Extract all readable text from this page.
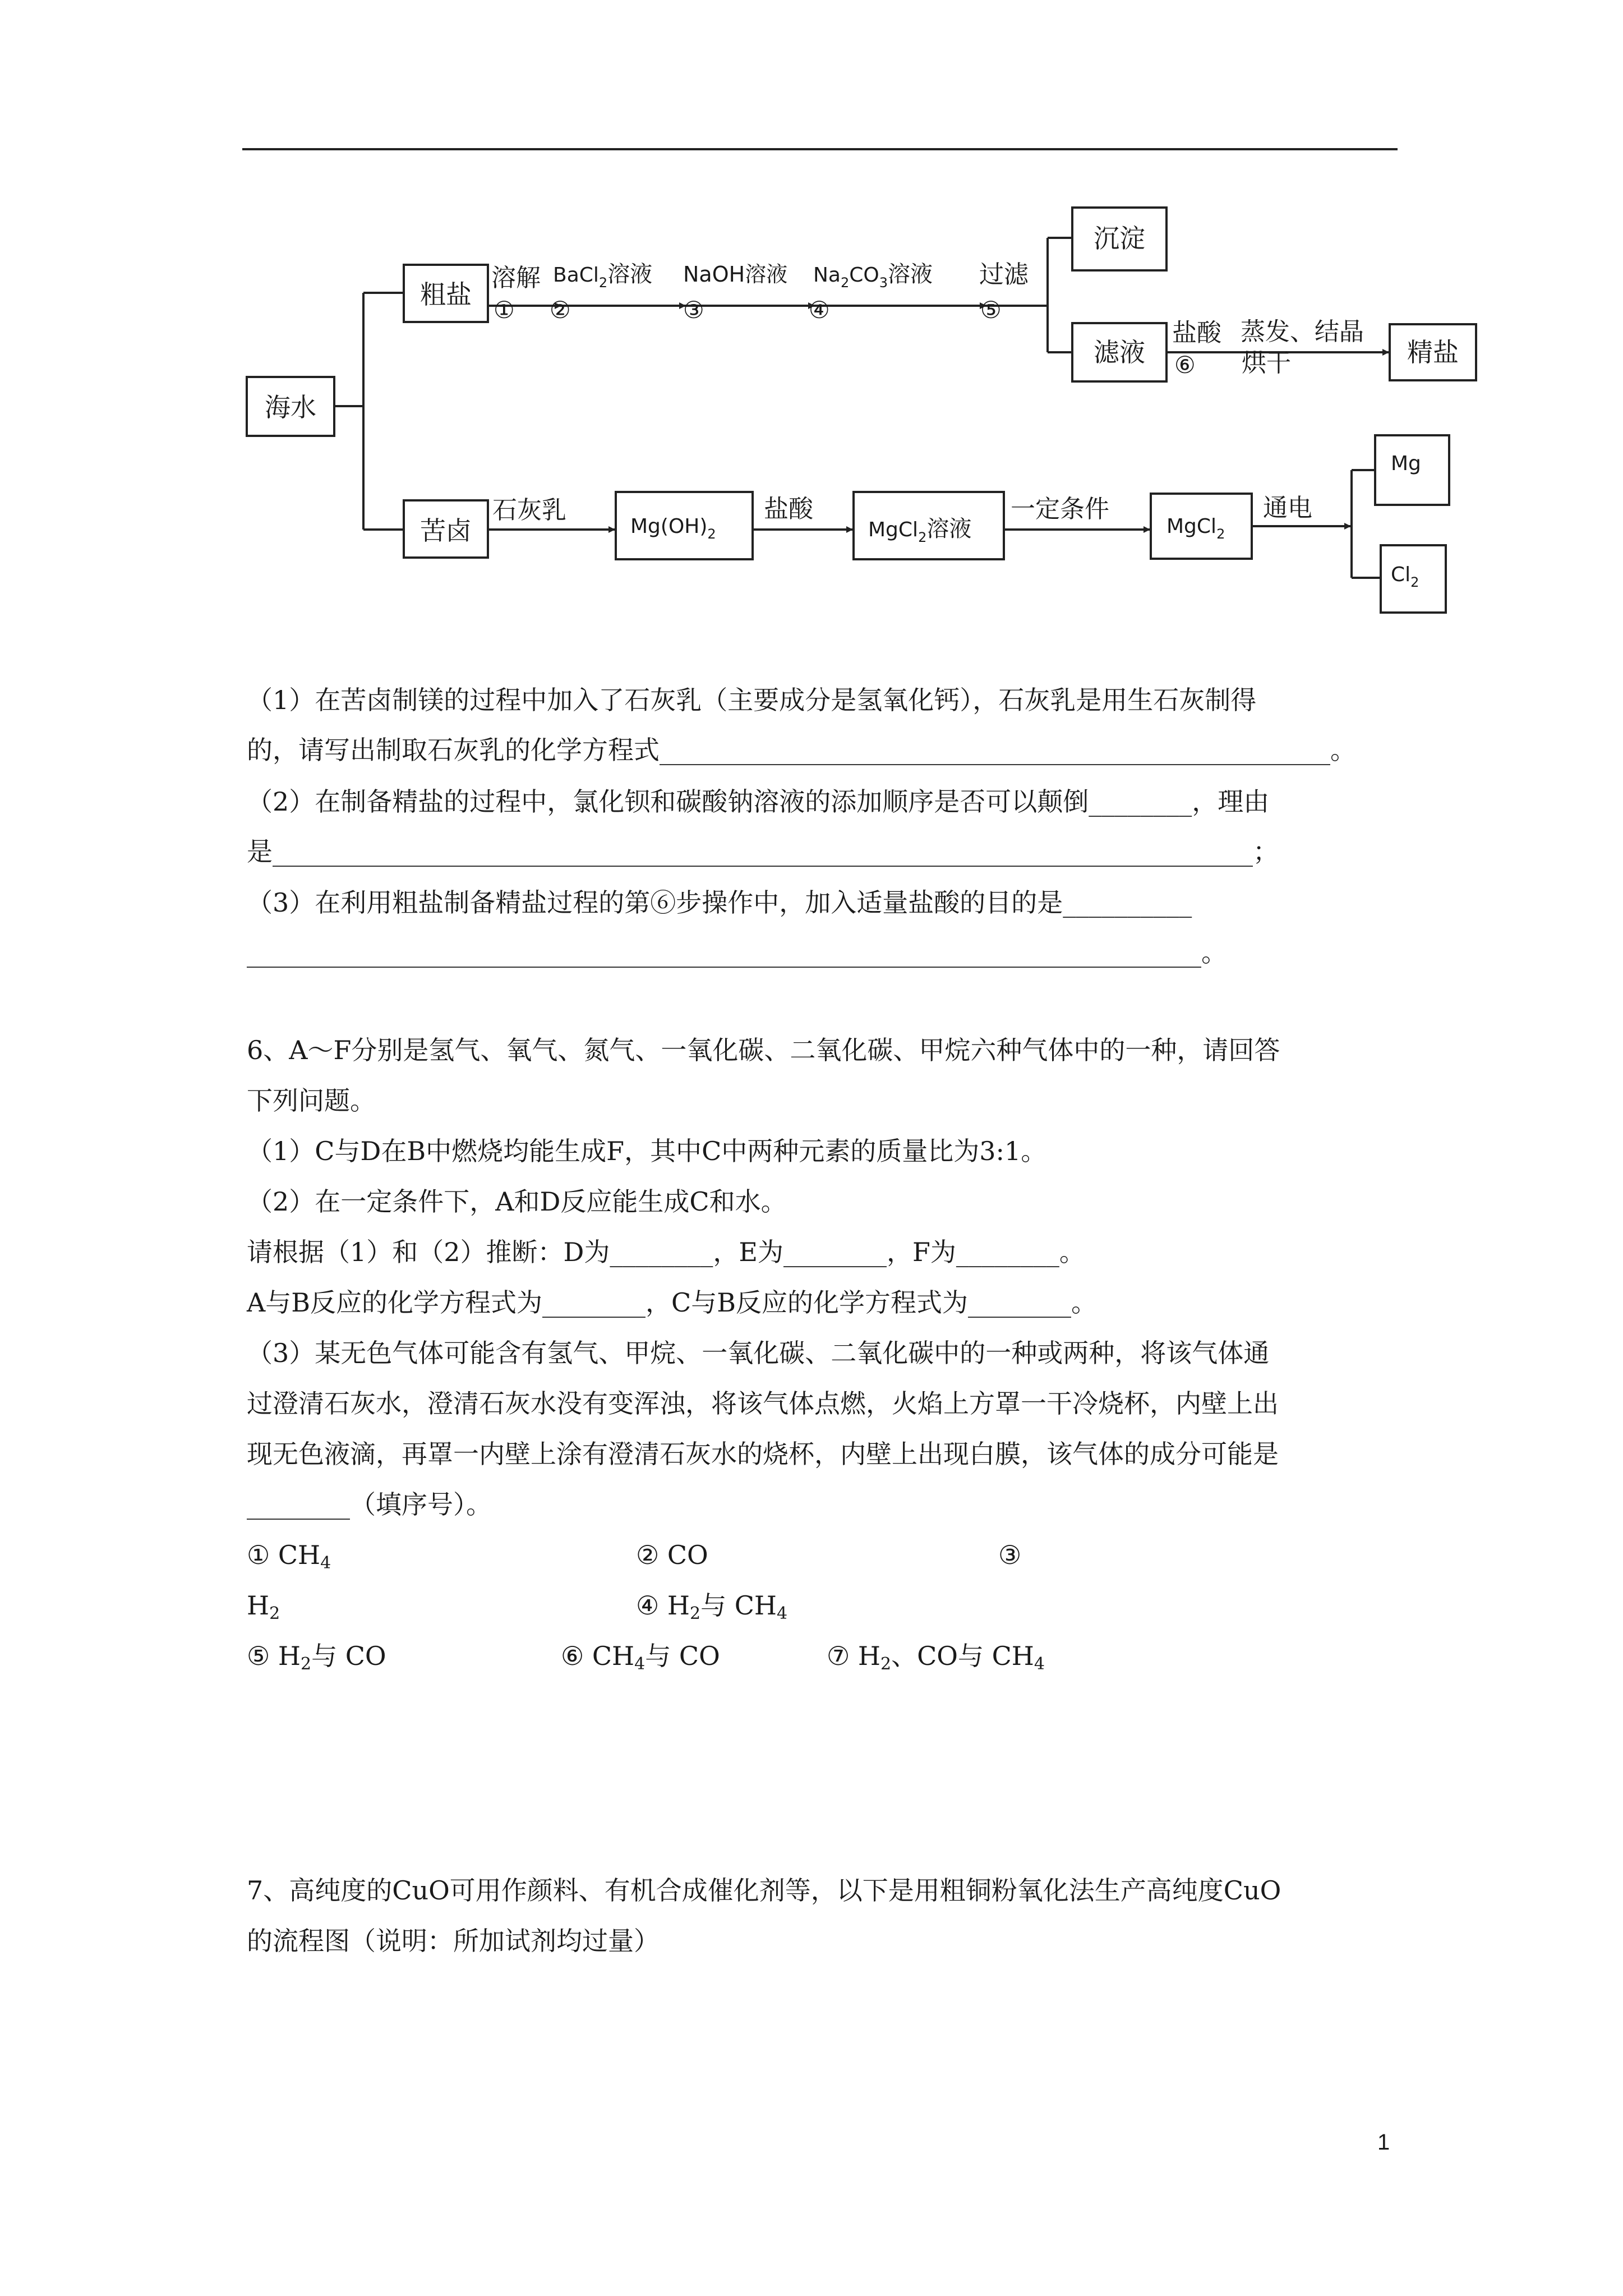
海水
粗盐
苦卤
沉淀
滤液	精盐
$Mg(OH)_2$	MgCl$_2$溶液	MgCl$_2$
Mg
$Cl_2$
溶解
①
BaCl$_2$溶液
②
NaOH溶液
③
$Na_2CO_3$溶液
④
过滤
⑤
盐酸
⑥
蒸发、结晶
烘干
石灰乳	盐酸	一定条件	通电
（1）在苦卤制镁的过程中加入了石灰乳（主要成分是氢氧化钙），石灰乳是用生石灰制得
的，请写出制取石灰乳的化学方程式____________________________________________________。
（2）在制备精盐的过程中，氯化钡和碳酸钠溶液的添加顺序是否可以颠倒________，理由
是____________________________________________________________________________；
（3）在利用粗盐制备精盐过程的第⑥步操作中，加入适量盐酸的目的是__________
__________________________________________________________________________。
6、A～F分别是氢气、氧气、氮气、一氧化碳、二氧化碳、甲烷六种气体中的一种，请回答
下列问题。
（1）C与D在B中燃烧均能生成F，其中C中两种元素的质量比为3:1。
（2）在一定条件下，A和D反应能生成C和水。
请根据（1）和（2）推断：D为________，E为________，F为________。
A与B反应的化学方程式为________，C与B反应的化学方程式为________。
（3）某无色气体可能含有氢气、甲烷、一氧化碳、二氧化碳中的一种或两种，将该气体通
过澄清石灰水，澄清石灰水没有变浑浊，将该气体点燃，火焰上方罩一干冷烧杯，内壁上出
现无色液滴，再罩一内壁上涂有澄清石灰水的烧杯，内壁上出现白膜，该气体的成分可能是
________（填序号）。
① $CH_4$	② CO	③
$H_2$	④ $H_2$与 $CH_4$
⑤ $H_2$与 CO	⑥ $CH_4$与 CO	⑦ $H_2$、CO与 $CH_4$
7、高纯度的CuO可用作颜料、有机合成催化剂等，以下是用粗铜粉氧化法生产高纯度CuO
的流程图（说明：所加试剂均过量）
1
